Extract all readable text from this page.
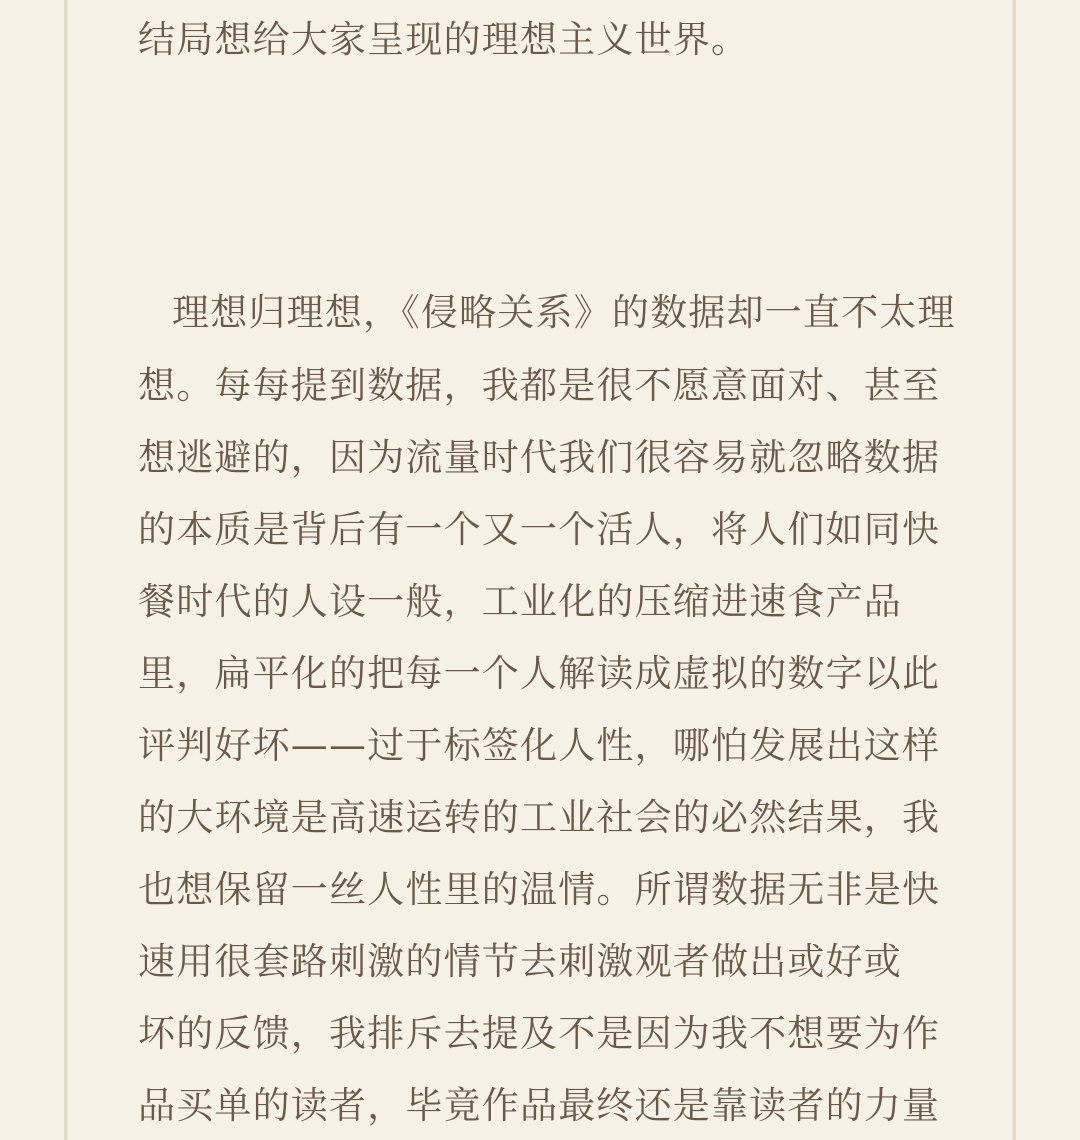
结局想给大家呈现的理想主义世界。
理想归理想，《侵略关系》的数据却一直不太理
想。每每提到数据，我都是很不愿意面对、甚至
想逃避的，因为流量时代我们很容易就忽略数据
的本质是背后有一个又一个活人，将人们如同快
餐时代的人设一般，工业化的压缩进速食产品
里，扁平化的把每一个人解读成虚拟的数字以此
评判好坏——过于标签化人性，哪怕发展出这样
的大环境是高速运转的工业社会的必然结果，我
也想保留一丝人性里的温情。所谓数据无非是快
速用很套路刺激的情节去刺激观者做出或好或
坏的反馈，我排斥去提及不是因为我不想要为作
品买单的读者，毕竟作品最终还是靠读者的力量
